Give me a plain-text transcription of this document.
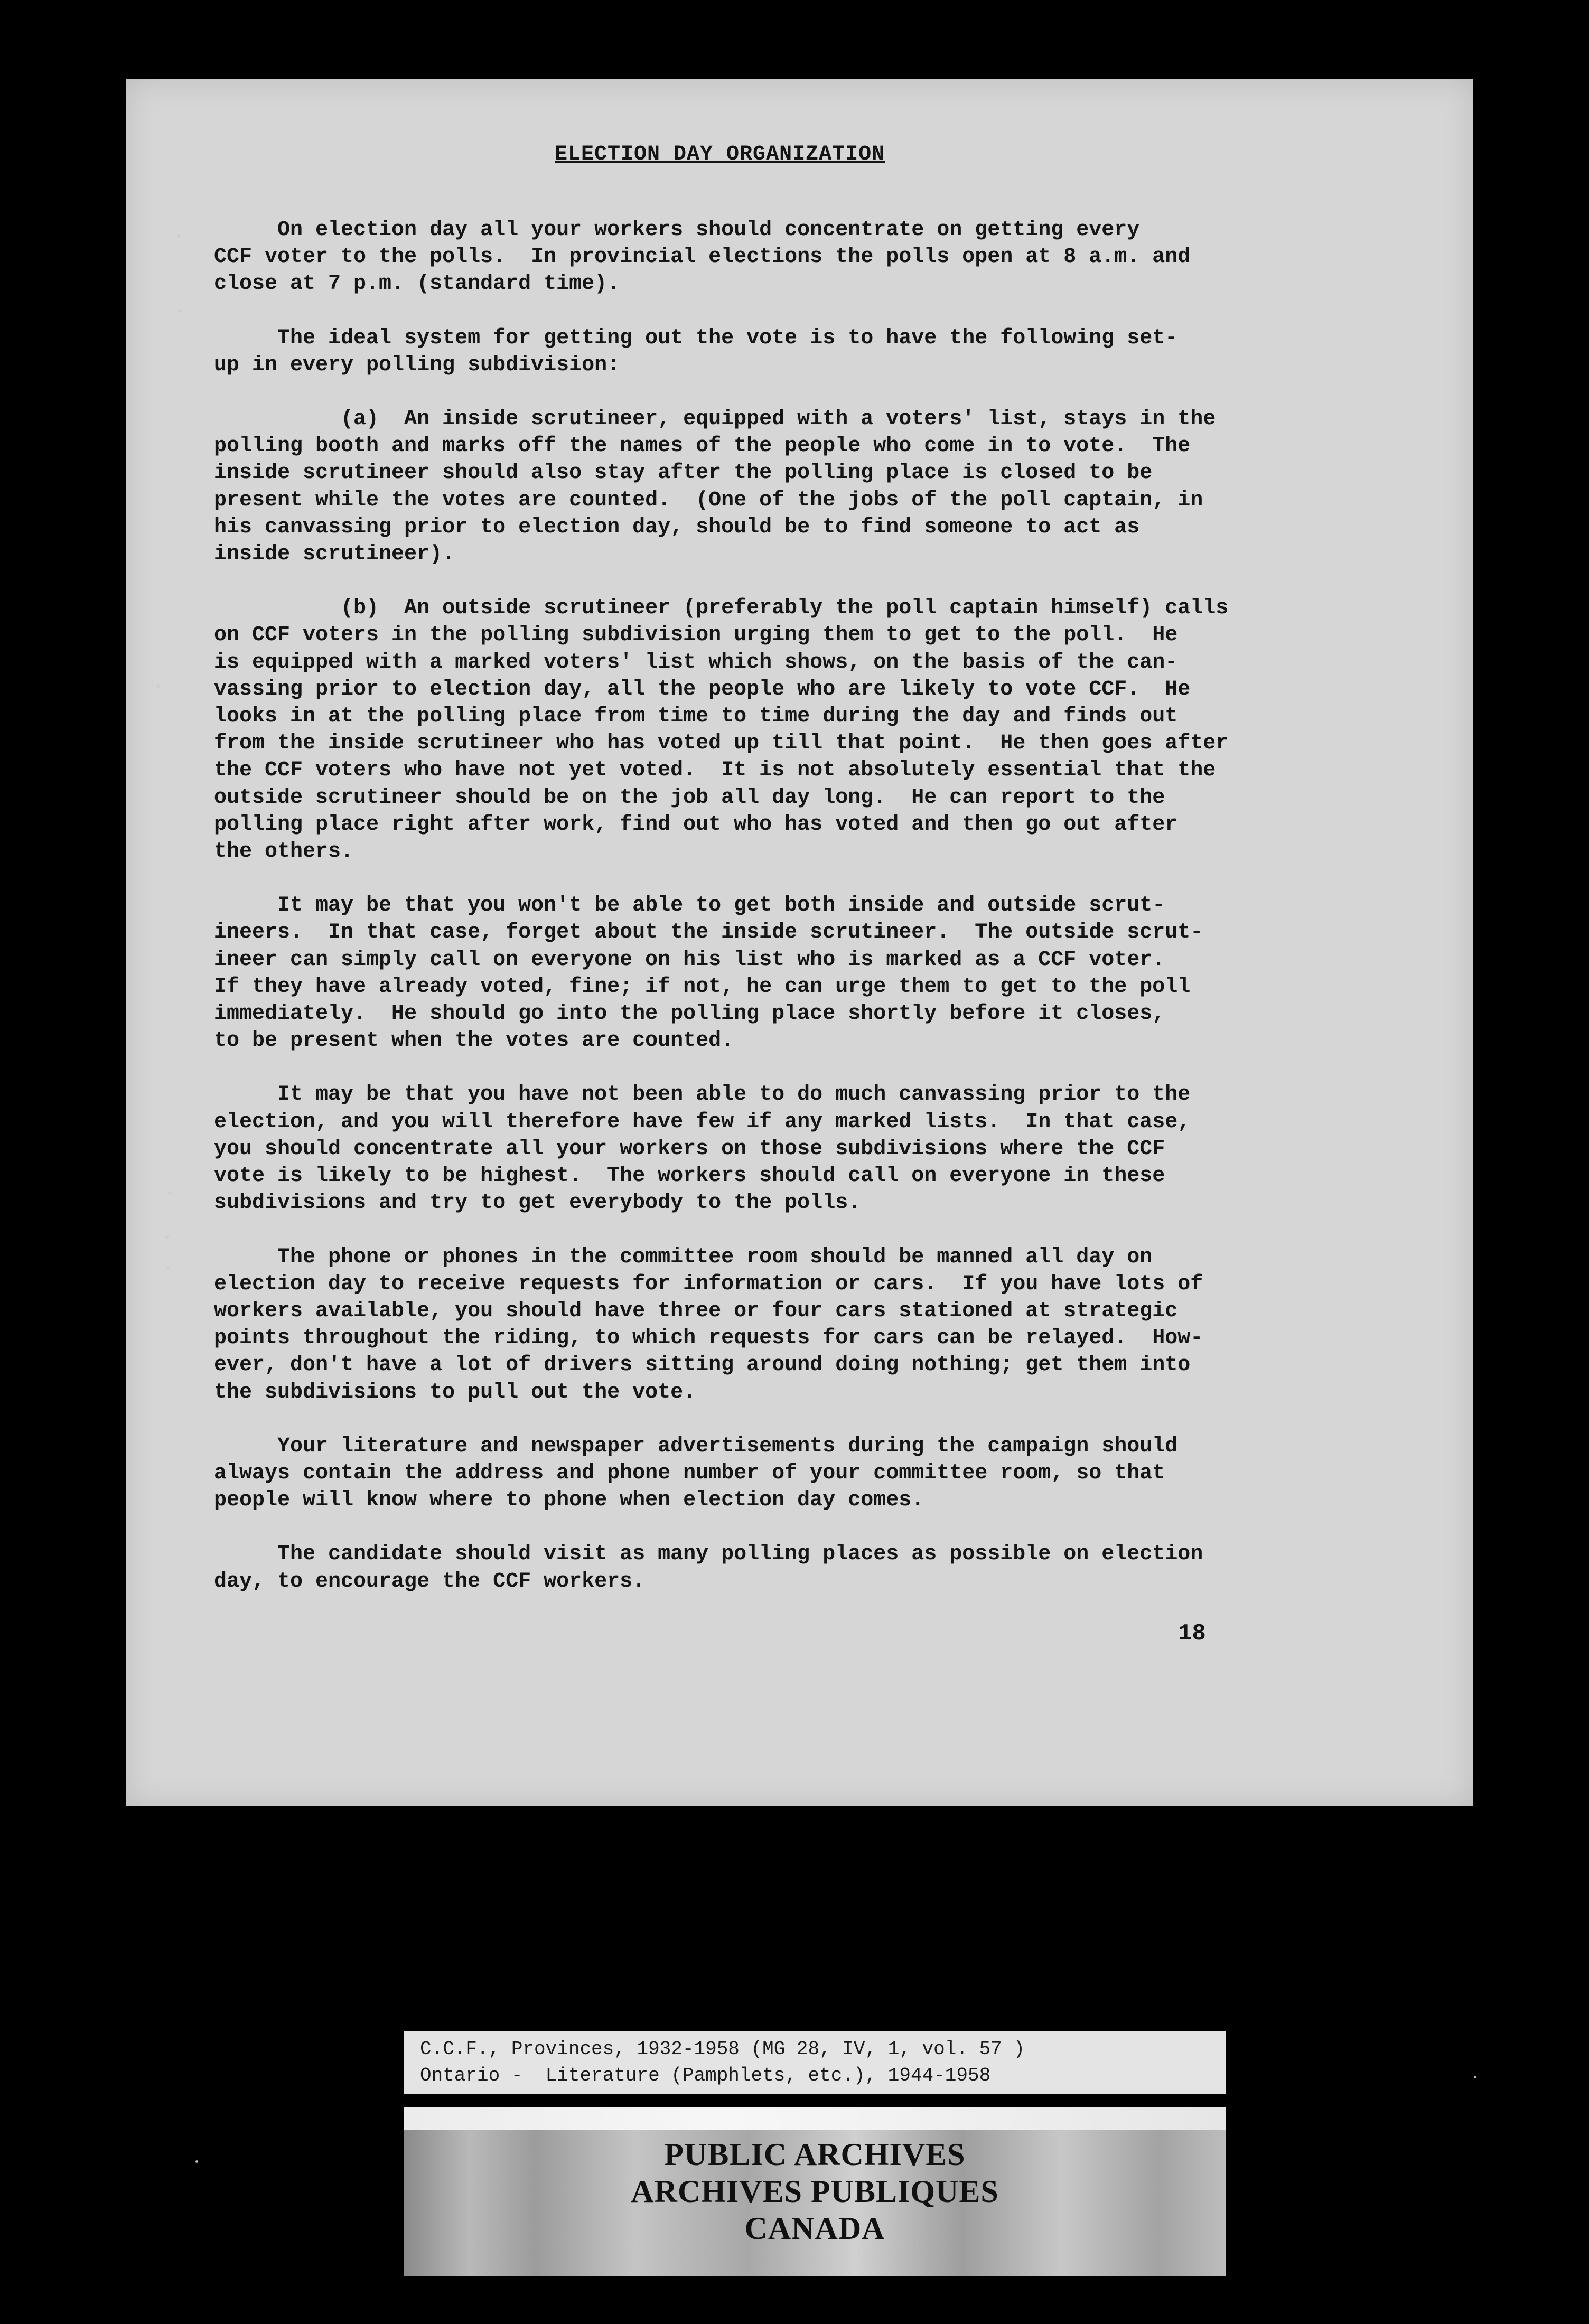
ELECTION DAY ORGANIZATION

On election day all your workers should concentrate on getting every
CCF voter to the polls.  In provincial elections the polls open at 8 a.m. and
close at 7 p.m. (standard time).

The ideal system for getting out the vote is to have the following set-
up in every polling subdivision:

(a)  An inside scrutineer, equipped with a voters' list, stays in the
polling booth and marks off the names of the people who come in to vote.  The
inside scrutineer should also stay after the polling place is closed to be
present while the votes are counted.  (One of the jobs of the poll captain, in
his canvassing prior to election day, should be to find someone to act as
inside scrutineer).

(b)  An outside scrutineer (preferably the poll captain himself) calls
on CCF voters in the polling subdivision urging them to get to the poll.  He
is equipped with a marked voters' list which shows, on the basis of the can-
vassing prior to election day, all the people who are likely to vote CCF.  He
looks in at the polling place from time to time during the day and finds out
from the inside scrutineer who has voted up till that point.  He then goes after
the CCF voters who have not yet voted.  It is not absolutely essential that the
outside scrutineer should be on the job all day long.  He can report to the
polling place right after work, find out who has voted and then go out after
the others.

It may be that you won't be able to get both inside and outside scrut-
ineers.  In that case, forget about the inside scrutineer.  The outside scrut-
ineer can simply call on everyone on his list who is marked as a CCF voter.
If they have already voted, fine; if not, he can urge them to get to the poll
immediately.  He should go into the polling place shortly before it closes,
to be present when the votes are counted.

It may be that you have not been able to do much canvassing prior to the
election, and you will therefore have few if any marked lists.  In that case,
you should concentrate all your workers on those subdivisions where the CCF
vote is likely to be highest.  The workers should call on everyone in these
subdivisions and try to get everybody to the polls.

The phone or phones in the committee room should be manned all day on
election day to receive requests for information or cars.  If you have lots of
workers available, you should have three or four cars stationed at strategic
points throughout the riding, to which requests for cars can be relayed.  How-
ever, don't have a lot of drivers sitting around doing nothing; get them into
the subdivisions to pull out the vote.

Your literature and newspaper advertisements during the campaign should
always contain the address and phone number of your committee room, so that
people will know where to phone when election day comes.

The candidate should visit as many polling places as possible on election
day, to encourage the CCF workers.

18
C.C.F., Provinces, 1932-1958 (MG 28, IV, 1, vol. 57 )
Ontario -  Literature (Pamphlets, etc.), 1944-1958
PUBLIC ARCHIVES
ARCHIVES PUBLIQUES
CANADA
